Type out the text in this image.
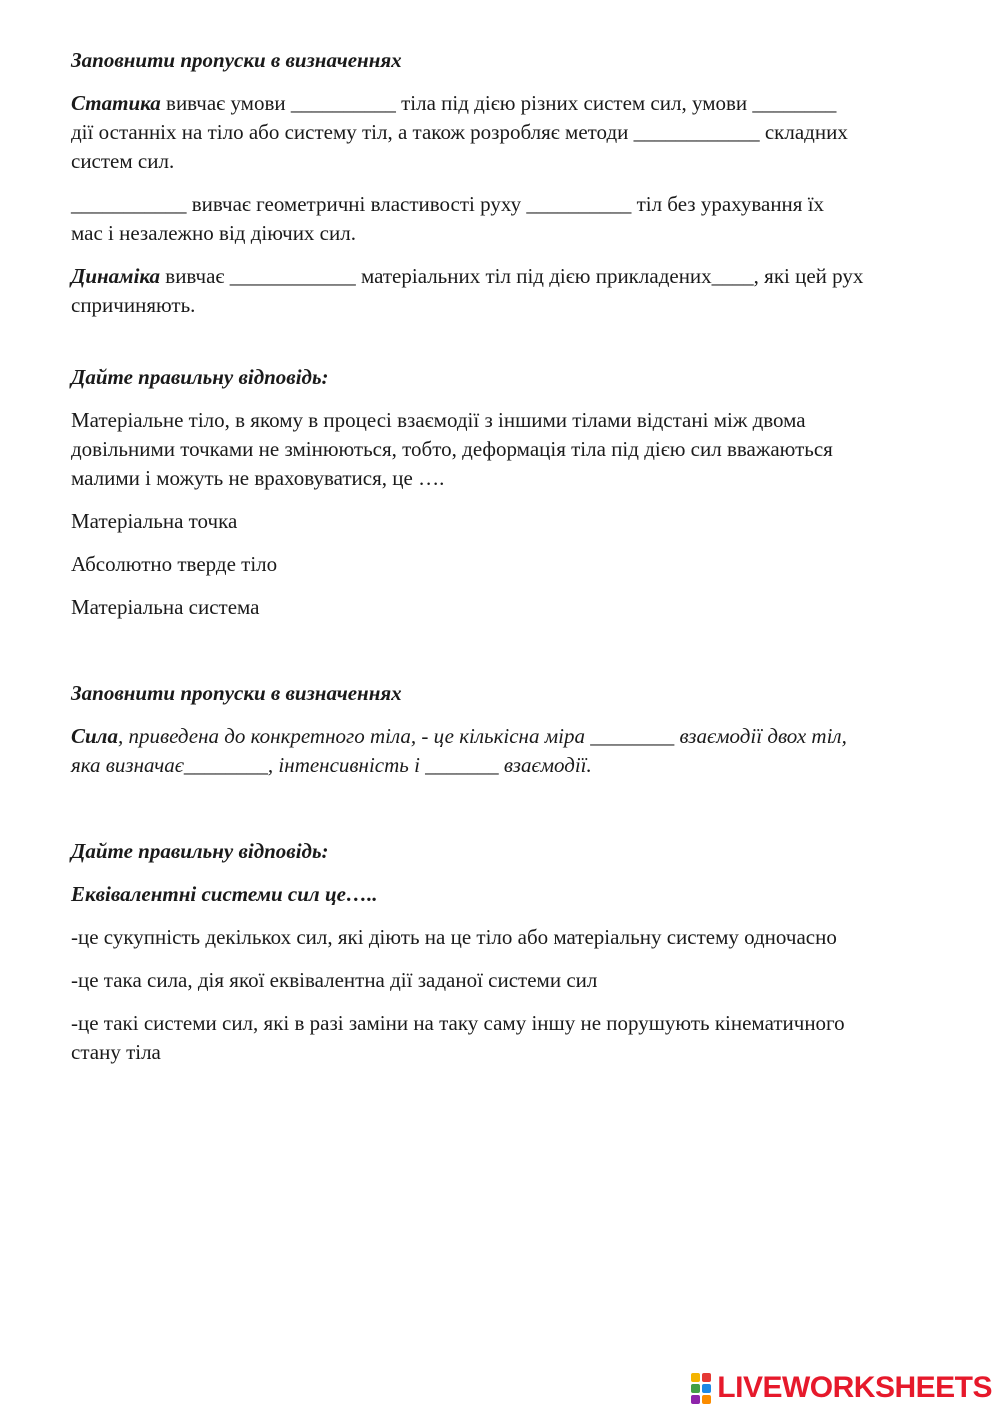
Заповнити пропуски в визначеннях

Статика вивчає умови __________ тіла під дією різних систем сил, умови ________
дії останніх на тіло або систему тіл, а також розробляє методи ____________ складних
систем сил.

___________ вивчає геометричні властивості руху __________ тіл без урахування їх
мас і незалежно від діючих сил.

Динаміка вивчає ____________ матеріальних тіл під дією прикладених____, які цей рух
спричиняють.

Дайте правильну відповідь:

Матеріальне тіло, в якому в процесі взаємодії з іншими тілами відстані між двома
довільними точками не змінюються, тобто, деформація тіла під дією сил вважаються
малими і можуть не враховуватися, це ….

Матеріальна точка

Абсолютно тверде тіло

Матеріальна система

Заповнити пропуски в визначеннях

Сила, приведена до конкретного тіла, - це кількісна міра ________ взаємодії двох тіл,
яка визначає________, інтенсивність і _______ взаємодії.

Дайте правильну відповідь:

Еквівалентні системи сил це…..

-це сукупність декількох сил, які діють на це тіло або матеріальну систему одночасно

-це така сила, дія якої еквівалентна дії заданої системи сил

-це такі системи сил, які в разі заміни на таку саму іншу не порушують кінематичного
стану тіла

LIVEWORKSHEETS
